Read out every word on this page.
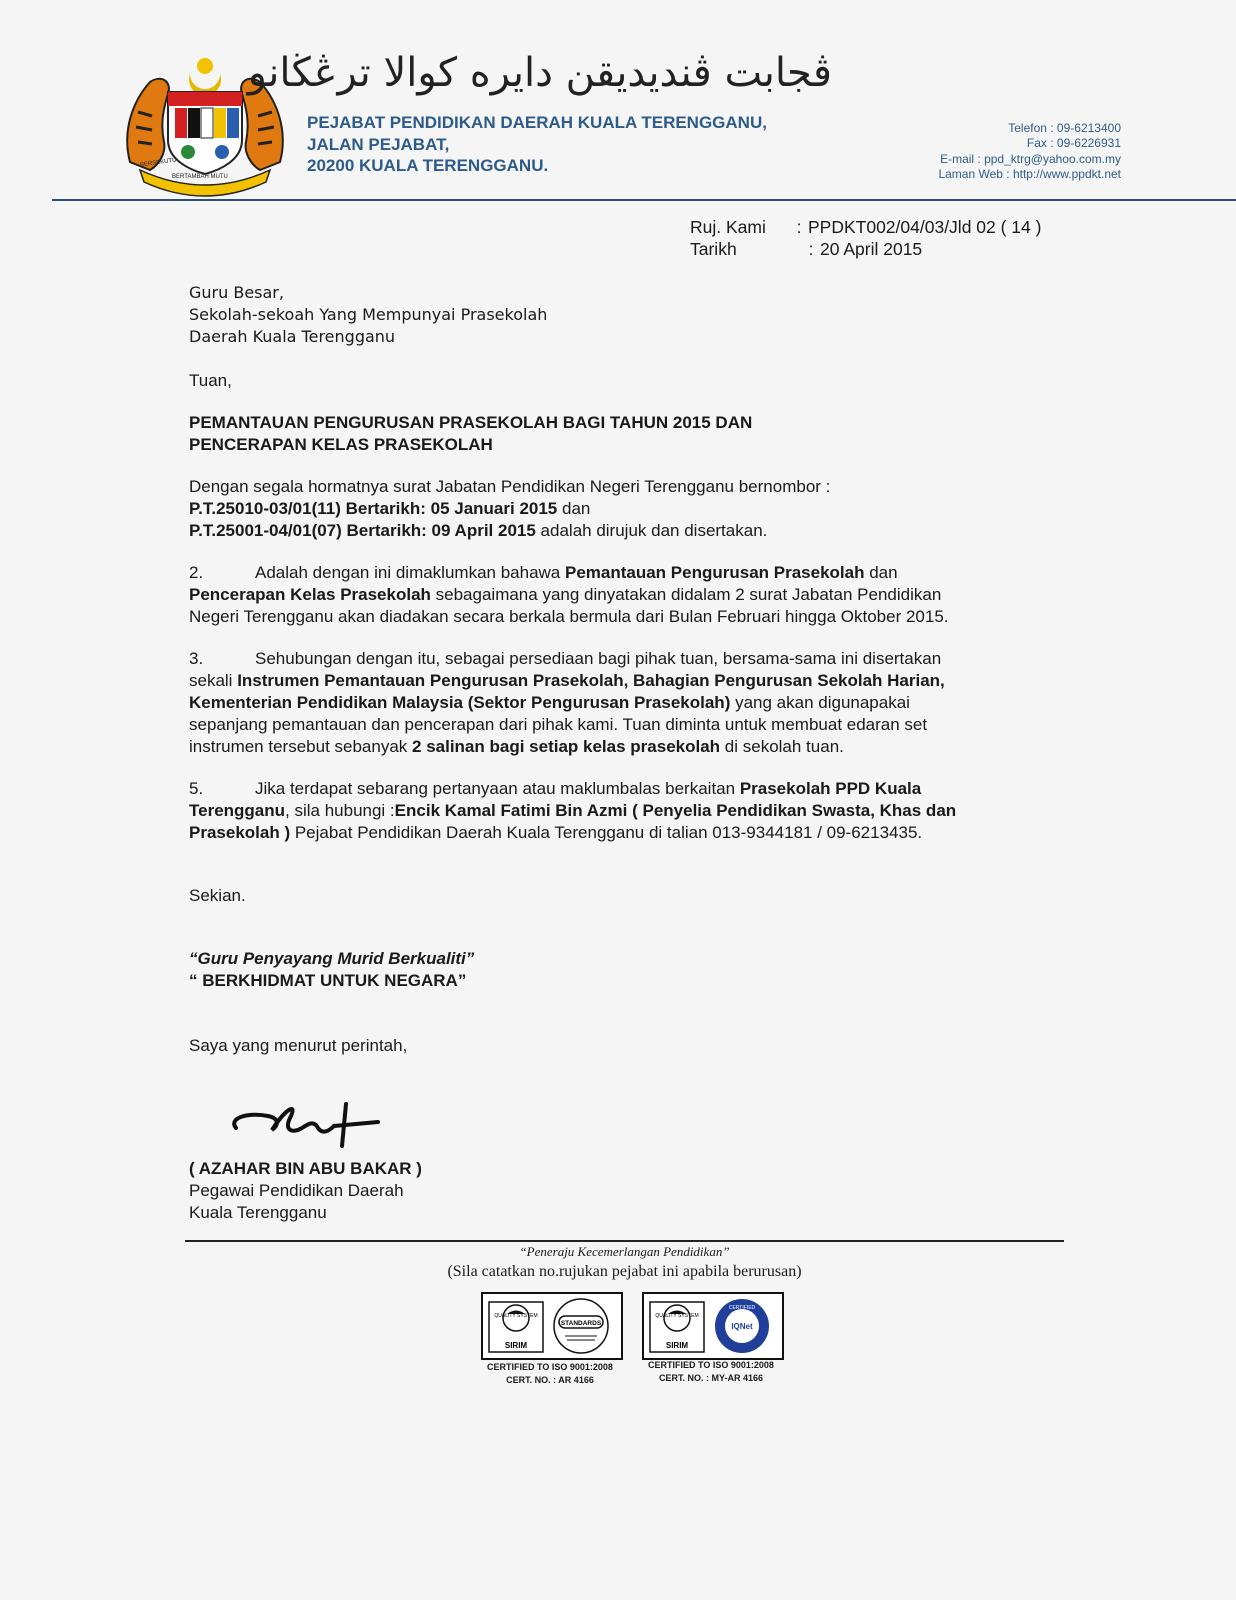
BERSEKUTU
BERTAMBAH MUTU
ڤجابت ڤنديديقن دايره کوالا ترڠڬانو
PEJABAT PENDIDIKAN DAERAH KUALA TERENGGANU,
JALAN PEJABAT,
20200 KUALA TERENGGANU.
Telefon : 09-6213400
Fax : 09-6226931
E-mail : ppd_ktrg@yahoo.com.my
Laman Web : http://www.ppdkt.net
Ruj. Kami	: PPDKT002/04/03/Jld 02 ( 14 )
Tarikh	: 20 April 2015

Guru Besar,

Sekolah-sekoah Yang Mempunyai Prasekolah

Daerah Kuala Terengganu

Tuan,

PEMANTAUAN PENGURUSAN PRASEKOLAH BAGI TAHUN 2015 DAN

PENCERAPAN KELAS PRASEKOLAH

Dengan segala hormatnya surat Jabatan Pendidikan Negeri Terengganu bernombor :

P.T.25010-03/01(11) Bertarikh: 05 Januari 2015 dan

P.T.25001-04/01(07) Bertarikh: 09 April 2015 adalah dirujuk dan disertakan.

2.	Adalah dengan ini dimaklumkan bahawa Pemantauan Pengurusan Prasekolah dan

Pencerapan Kelas Prasekolah sebagaimana yang dinyatakan didalam 2 surat Jabatan Pendidikan

Negeri Terengganu akan diadakan secara berkala bermula dari Bulan Februari hingga Oktober 2015.

3.	Sehubungan dengan itu, sebagai persediaan bagi pihak tuan, bersama-sama ini disertakan

sekali Instrumen Pemantauan Pengurusan Prasekolah, Bahagian Pengurusan Sekolah Harian,

Kementerian Pendidikan Malaysia (Sektor Pengurusan Prasekolah) yang akan digunapakai

sepanjang pemantauan dan pencerapan dari pihak kami. Tuan diminta untuk membuat edaran set

instrumen tersebut sebanyak 2 salinan bagi setiap kelas prasekolah di sekolah tuan.

5.	Jika terdapat sebarang pertanyaan atau maklumbalas berkaitan Prasekolah PPD Kuala

Terengganu, sila hubungi :Encik Kamal Fatimi Bin Azmi ( Penyelia Pendidikan Swasta, Khas dan

Prasekolah ) Pejabat Pendidikan Daerah Kuala Terengganu di talian 013-9344181 / 09-6213435.

Sekian.

“Guru Penyayang Murid Berkualiti”

“ BERKHIDMAT UNTUK NEGARA”

Saya yang menurut perintah,

( AZAHAR BIN ABU BAKAR )

Pegawai Pendidikan Daerah

Kuala Terengganu

“Peneraju Kecemerlangan Pendidikan”
(Sila catatkan no.rujukan pejabat ini apabila berurusan)
QUALITY SYSTEM
SIRIM
STANDARDS
QUALITY SYSTEM
SIRIM
CERTIFIED
IQNet
CERTIFIED TO ISO 9001:2008
CERT. NO. : AR 4166
CERTIFIED TO ISO 9001:2008
CERT. NO. : MY-AR 4166
